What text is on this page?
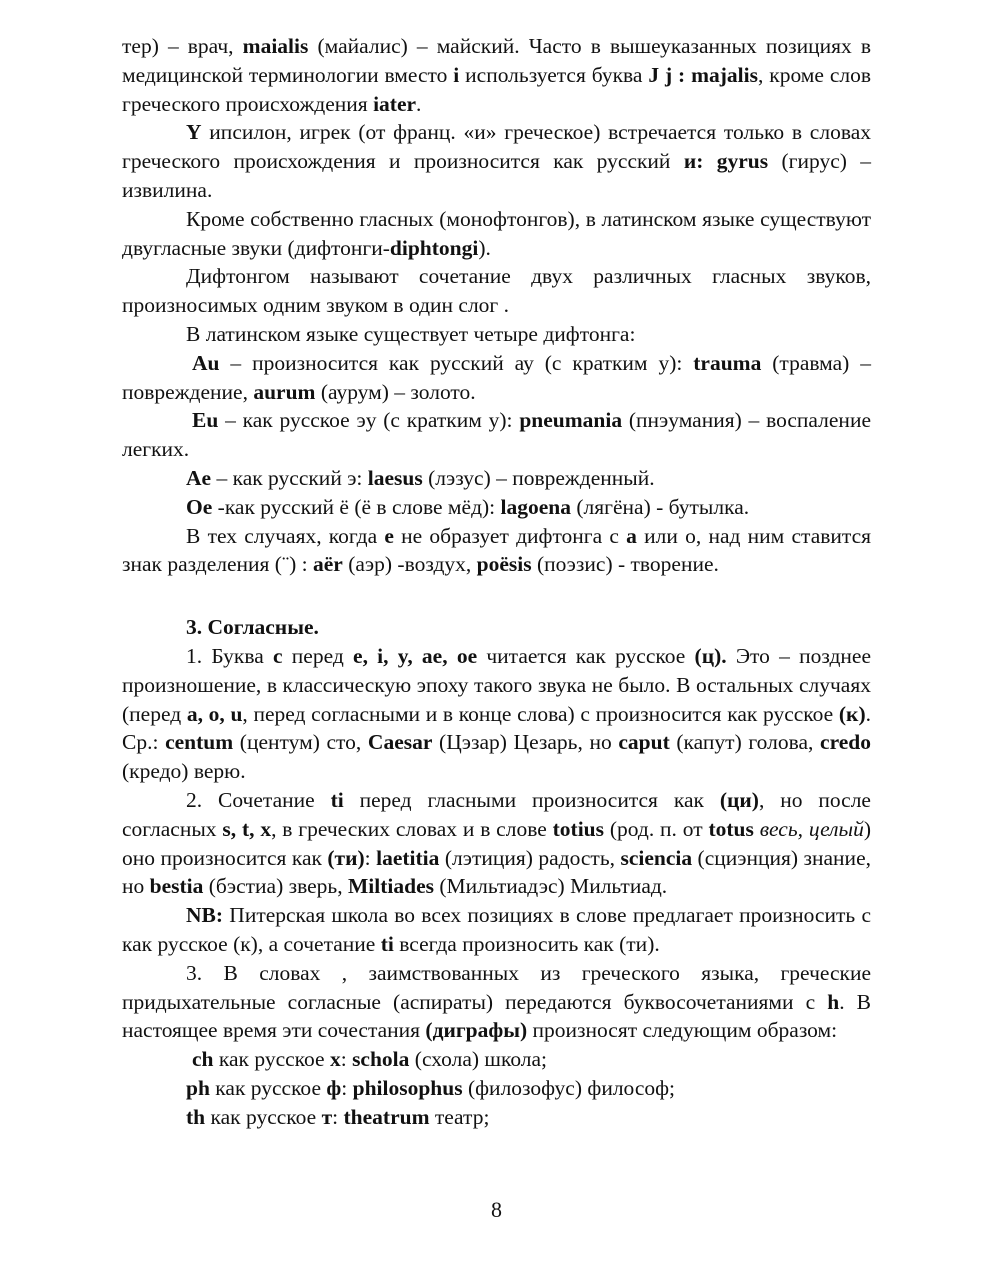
тер) – врач, maialis (майалис) – майский. Часто в вышеуказанных позициях в медицинской терминологии вместо i используется буква J j : majalis, кроме слов греческого происхождения iater.

Y ипсилон, игрек (от франц. «и» греческое) встречается только в словах греческого происхождения и произносится как русский и: gyrus (гирус) – извилина.

Кроме собственно гласных (монофтонгов), в латинском языке существуют двугласные звуки (дифтонги-diphtongi).

Дифтонгом называют сочетание двух различных гласных звуков, произносимых одним звуком в один слог .

В латинском языке существует четыре дифтонга:

Au – произносится как русский ау (с кратким у): trauma (травма) – повреждение, aurum (аурум) – золото.

Eu – как русское эу (с кратким у): pneumania (пнэумания) – воспаление легких.

Ae – как русский э: laesus (лэзус) – поврежденный.

Oe -как русский ё (ё в слове мёд): lagoena (лягёна) - бутылка.

В тех случаях, когда e не образует дифтонга с a или о, над ним ставится знак разделения (¨) : aёr (аэр) -воздух, poёsis (поэзис) - творение.

3. Согласные.

1. Буква c перед e, i, y, ae, oe читается как русское (ц). Это – позднее произношение, в классическую эпоху такого звука не было. В остальных случаях (перед a, o, u, перед согласными и в конце слова) с произносится как русское (к). Ср.: centum (центум) сто, Caesar (Цэзар) Цезарь, но caput (капут) голова, credo (кредо) верю.

2. Сочетание ti перед гласными произносится как (ци), но после согласных s, t, x, в греческих словах и в слове totius (род. п. от totus весь, целый) оно произносится как (ти): laetitia (лэтиция) радость, sciencia (сциэнция) знание, но bestia (бэстиа) зверь, Miltiades (Мильтиадэс) Мильтиад.

NB: Питерская школа во всех позициях в слове предлагает произносить с как русское (к), а сочетание ti всегда произносить как (ти).

3. В словах , заимствованных из греческого языка, греческие придыхательные согласные (аспираты) передаются буквосочетаниями с h. В настоящее время эти сочестания (диграфы) произносят следующим образом:

ch как русское х: schola (схола) школа;

ph как русское ф: philosophus (филозофус) философ;

th как русское т: theatrum театр;

8
